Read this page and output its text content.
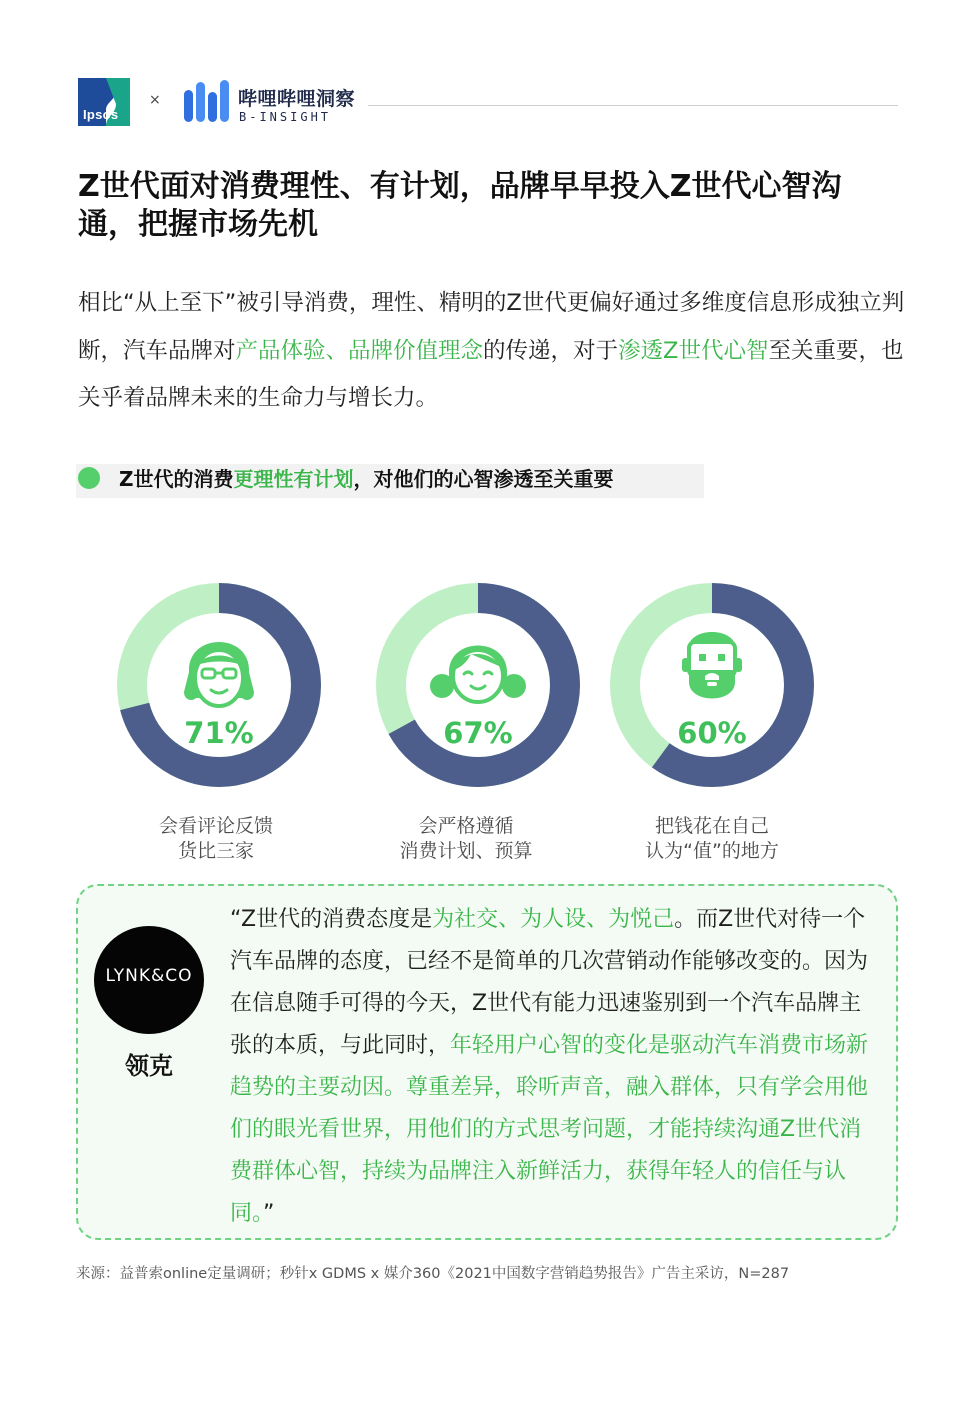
Ipsos
×	哔哩哔哩洞察
B-INSIGHT
Z世代面对消费理性、有计划，品牌早早投入Z世代心智沟通，把握市场先机

相比“从上至下”被引导消费，理性、精明的Z世代更偏好通过多维度信息形成独立判断，汽车品牌对产品体验、品牌价值理念的传递，对于渗透Z世代心智至关重要，也关乎着品牌未来的生命力与增长力。

Z世代的消费更理性有计划，对他们的心智渗透至关重要
71%
会看评论反馈
货比三家
67%
会严格遵循
消费计划、预算
60%
把钱花在自己
认为“值”的地方
LYNK&CO
领克

“Z世代的消费态度是为社交、为人设、为悦己。而Z世代对待一个汽车品牌的态度，已经不是简单的几次营销动作能够改变的。因为在信息随手可得的今天，Z世代有能力迅速鉴别到一个汽车品牌主张的本质，与此同时，年轻用户心智的变化是驱动汽车消费市场新趋势的主要动因。尊重差异，聆听声音，融入群体，只有学会用他们的眼光看世界，用他们的方式思考问题，才能持续沟通Z世代消费群体心智，持续为品牌注入新鲜活力，获得年轻人的信任与认同。”

来源：益普索online定量调研；秒针x GDMS x 媒介360《2021中国数字营销趋势报告》广告主采访，N=287
